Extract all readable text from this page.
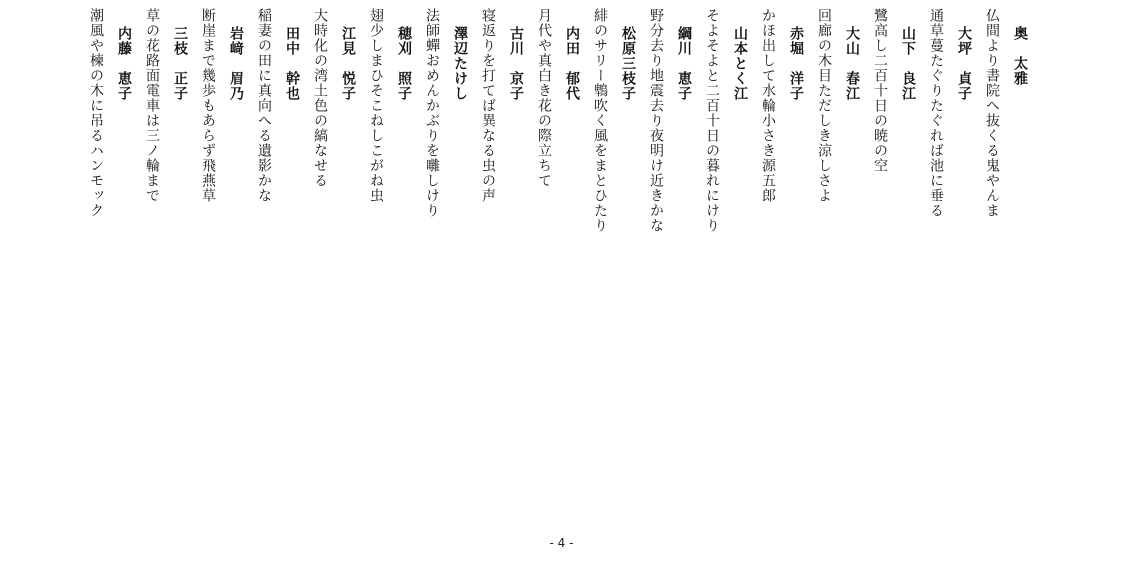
奥　太雅
仏間より書院へ抜くる鬼やんま
大坪　貞子
通草蔓たぐりたぐれば池に垂る
山下　良江
鷺高し二百十日の暁の空
大山　春江
回廊の木目ただしき涼しさよ
赤堀　洋子
かほ出して水輪小さき源五郎
山本とく江
そよそよと二百十日の暮れにけり
綱川　恵子
野分去り地震去り夜明け近きかな
松原三枝子
緋のサリー鵯吹く風をまとひたり
内田　郁代
月代や真白き花の際立ちて
古川　京子
寝返りを打てば異なる虫の声
澤辺たけし
法師蟬おめんかぶりを囃しけり
穂刈　照子
翅少しまひそこねしこがね虫
江見　悦子
大時化の湾土色の縞なせる
田中　幹也
稲妻の田に真向へる遺影かな
岩﨑　眉乃
断崖まで幾歩もあらず飛燕草
三枝　正子
草の花路面電車は三ノ輪まで
内藤　恵子
潮風や楝の木に吊るハンモック
- 4 -
